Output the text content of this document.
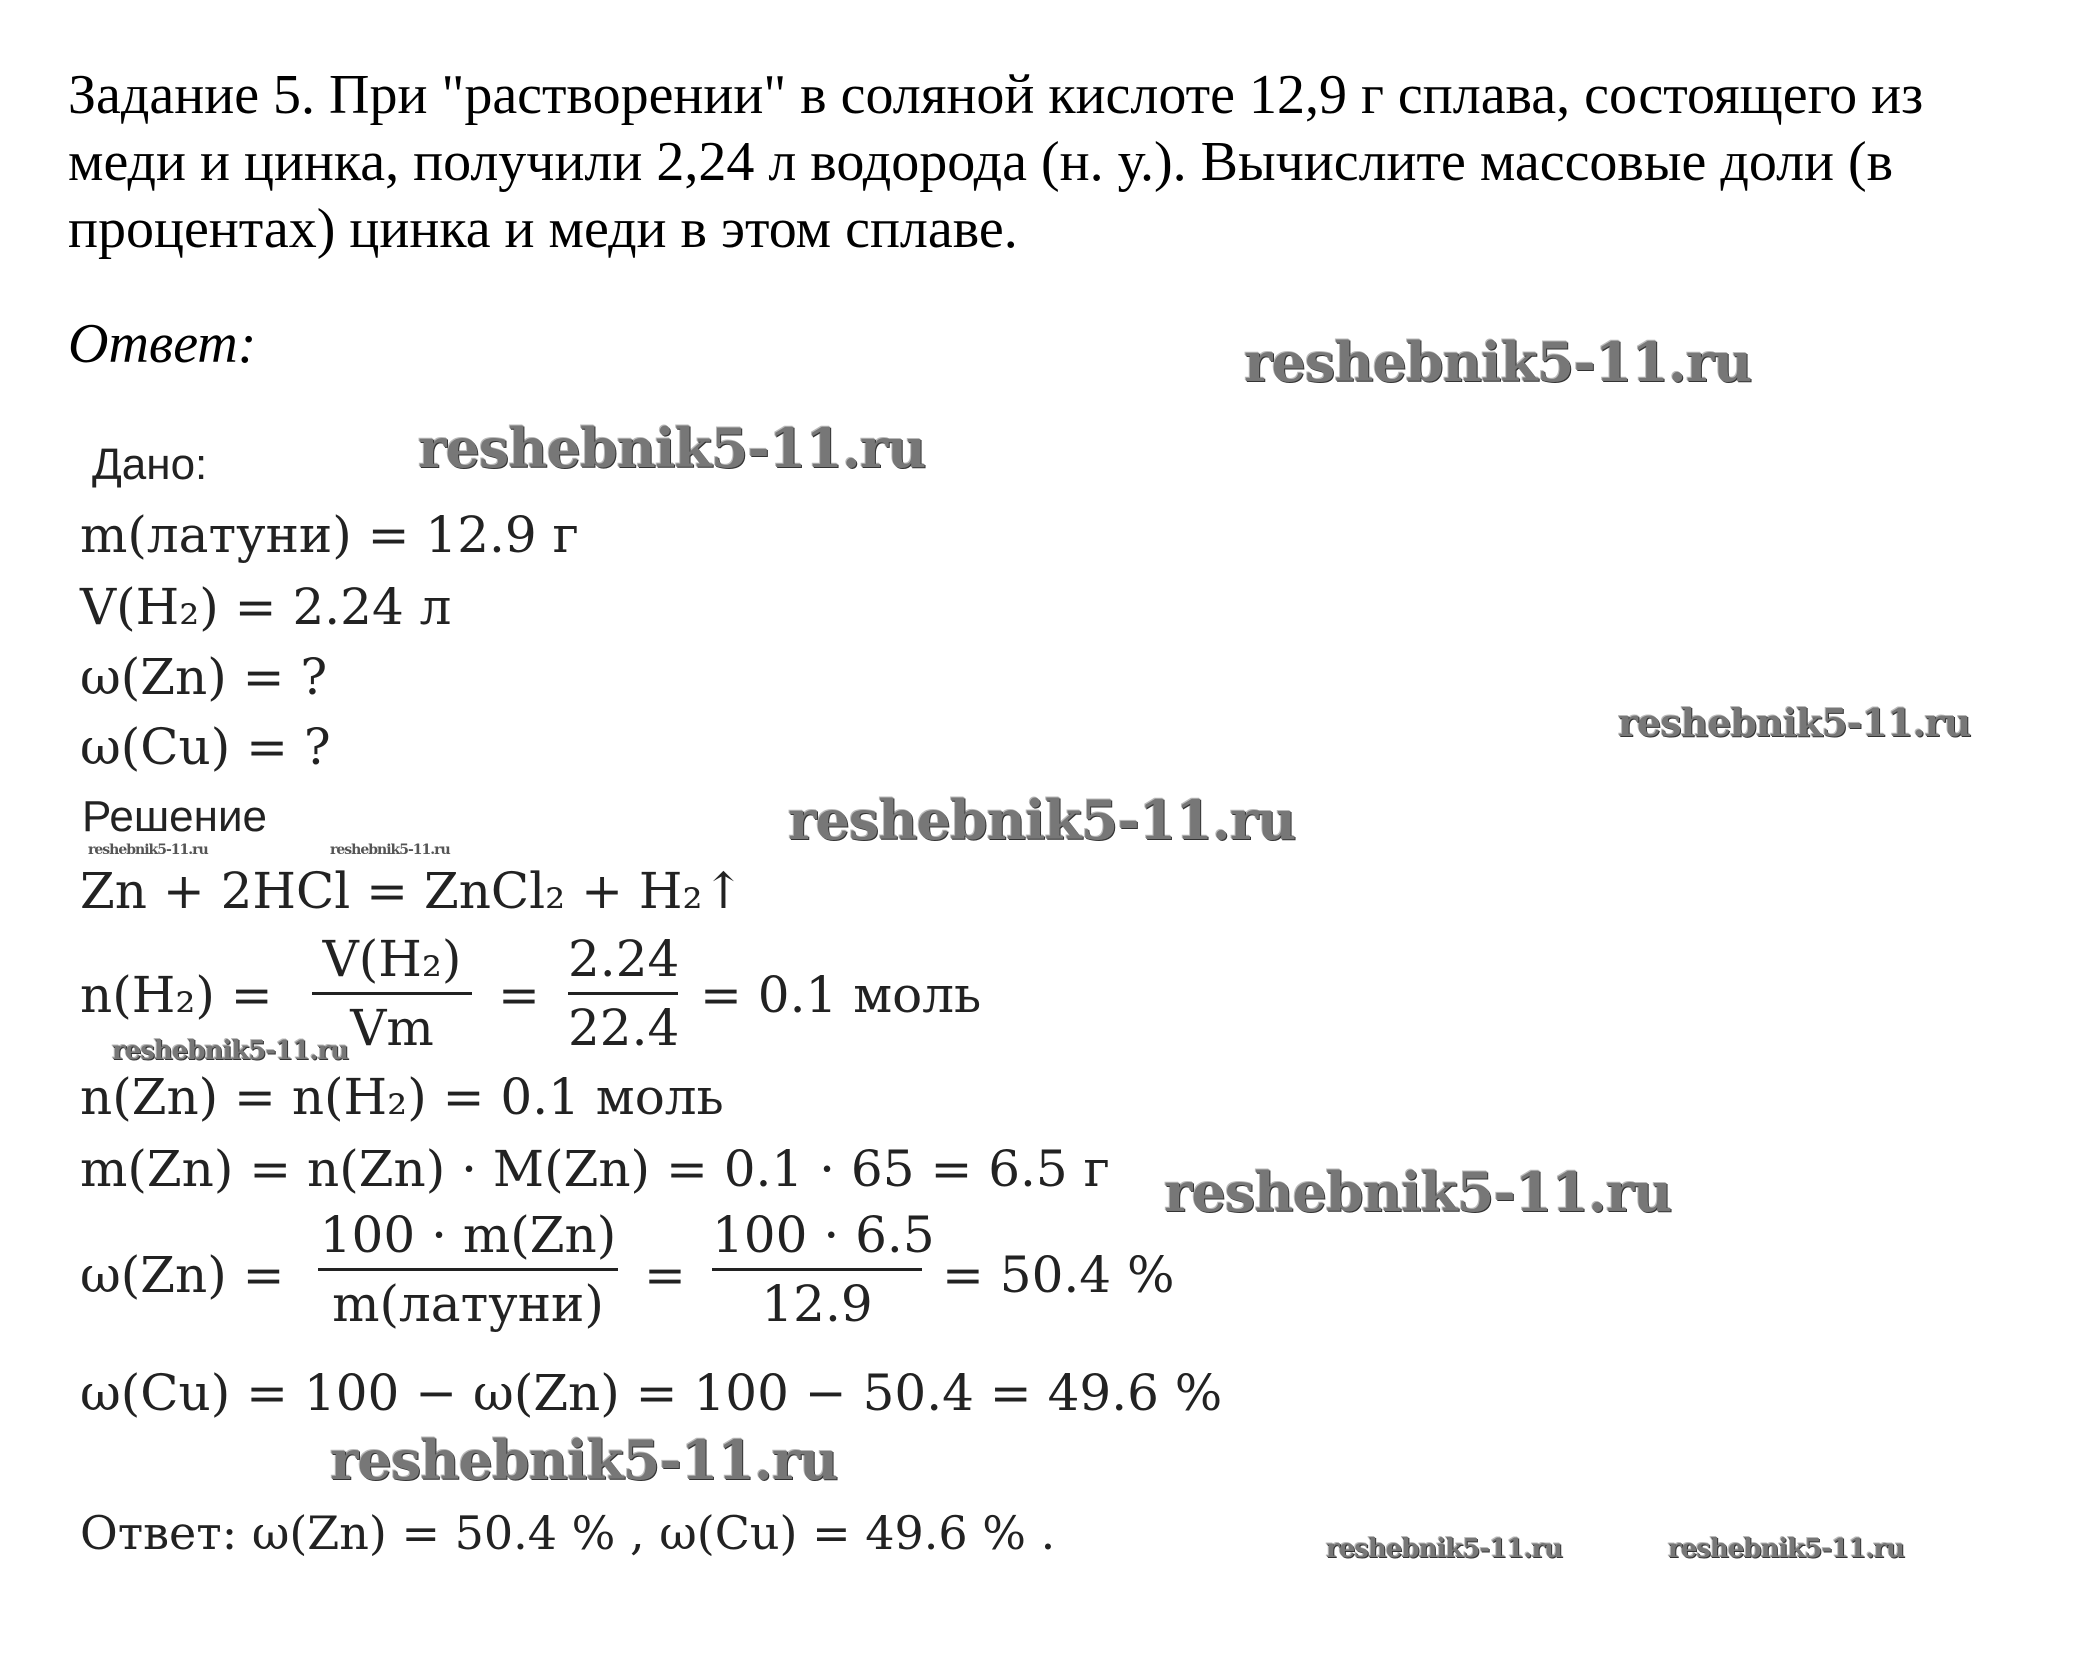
Задание 5. При "растворении" в соляной кислоте 12,9 г сплава, состоящего из меди и цинка, получили 2,24 л водорода (н. у.). Вычислите массовые доли (в процентах) цинка и меди в этом сплаве.
Ответ:
Дано:
m(латуни) = 12.9 г
V(H₂) = 2.24 л
ω(Zn) = ?
ω(Cu) = ?
Решение
Zn + 2HCl = ZnCl₂ + H₂↑
n(H₂) =
V(H₂)
Vm
=
2.24
22.4
= 0.1 моль
n(Zn) = n(H₂) = 0.1 моль
m(Zn) = n(Zn) · M(Zn) = 0.1 · 65 = 6.5 г
ω(Zn) =
100 · m(Zn)
m(латуни) =
100 · 6.5
12.9	= 50.4 %
ω(Cu) = 100 − ω(Zn) = 100 − 50.4 = 49.6 %
Ответ: ω(Zn) = 50.4 % , ω(Cu) = 49.6 % .
reshebnik5-11.ru
reshebnik5-11.ru
reshebnik5-11.ru
reshebnik5-11.ru
reshebnik5-11.ru	reshebnik5-11.ru
reshebnik5-11.ru
reshebnik5-11.ru
reshebnik5-11.ru
reshebnik5-11.ru	reshebnik5-11.ru
